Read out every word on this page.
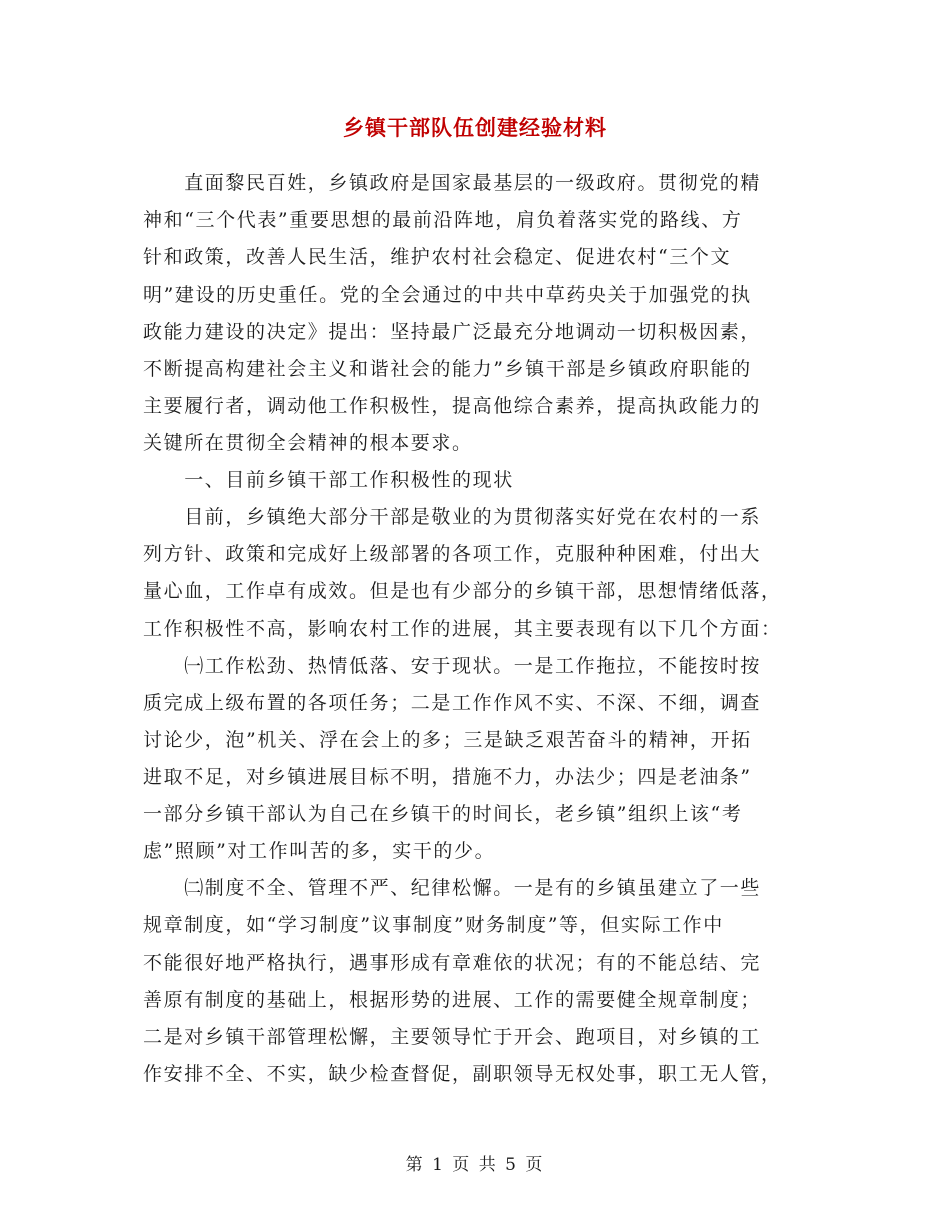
乡镇干部队伍创建经验材料
　　直面黎民百姓，乡镇政府是国家最基层的一级政府。贯彻党的精
神和“三个代表”重要思想的最前沿阵地，肩负着落实党的路线、方
针和政策，改善人民生活，维护农村社会稳定、促进农村“三个文
明”建设的历史重任。党的全会通过的中共中草药央关于加强党的执
政能力建设的决定》提出：坚持最广泛最充分地调动一切积极因素，
不断提高构建社会主义和谐社会的能力”乡镇干部是乡镇政府职能的
主要履行者，调动他工作积极性，提高他综合素养，提高执政能力的
关键所在贯彻全会精神的根本要求。
　　一、目前乡镇干部工作积极性的现状
　　目前，乡镇绝大部分干部是敬业的为贯彻落实好党在农村的一系
列方针、政策和完成好上级部署的各项工作，克服种种困难，付出大
量心血，工作卓有成效。但是也有少部分的乡镇干部，思想情绪低落，
工作积极性不高，影响农村工作的进展，其主要表现有以下几个方面：
　　㈠工作松劲、热情低落、安于现状。一是工作拖拉，不能按时按
质完成上级布置的各项任务；二是工作作风不实、不深、不细，调查
讨论少，泡”机关、浮在会上的多；三是缺乏艰苦奋斗的精神，开拓
进取不足，对乡镇进展目标不明，措施不力，办法少；四是老油条”
一部分乡镇干部认为自己在乡镇干的时间长，老乡镇”组织上该“考
虑”照顾”对工作叫苦的多，实干的少。
　　㈡制度不全、管理不严、纪律松懈。一是有的乡镇虽建立了一些
规章制度，如“学习制度”议事制度”财务制度”等，但实际工作中
不能很好地严格执行，遇事形成有章难依的状况；有的不能总结、完
善原有制度的基础上，根据形势的进展、工作的需要健全规章制度；
二是对乡镇干部管理松懈，主要领导忙于开会、跑项目，对乡镇的工
作安排不全、不实，缺少检查督促，副职领导无权处事，职工无人管，
第 1 页 共 5 页
